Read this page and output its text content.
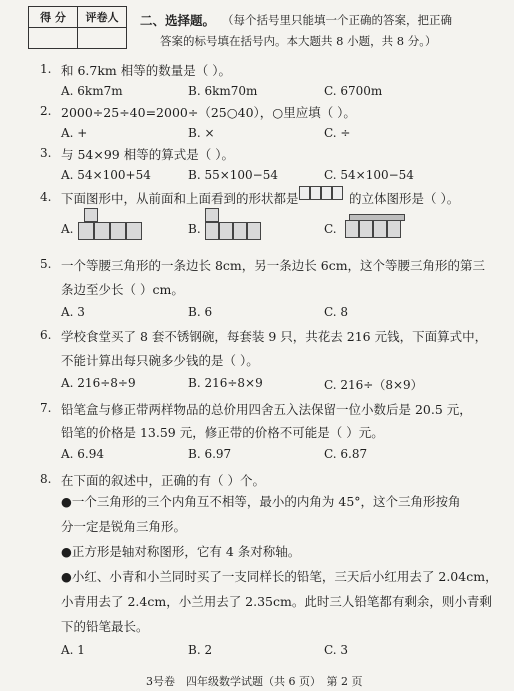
得 分	评卷人
	二、选择题。 （每个括号里只能填一个正确的答案，把正确
答案的标号填在括号内。本大题共 8 小题，共 8 分。）
1. 和 6.7km 相等的数量是（ ）。
A. 6km7m	B. 6km70m	C. 6700m
2. 2000÷25÷40=2000÷（25○40），○里应填（ ）。
A. +	B. ×	C. ÷
3. 与 54×99 相等的算式是（ ）。
A. 54×100+54	B. 55×100−54	C. 54×100−54
4. 下面图形中，从前面和上面看到的形状都是	的立体图形是（ ）。
A.	B.	C.
5. 一个等腰三角形的一条边长 8cm，另一条边长 6cm，这个等腰三角形的第三
条边至少长（ ）cm。
A. 3	B. 6	C. 8
6. 学校食堂买了 8 套不锈钢碗，每套装 9 只，共花去 216 元钱，下面算式中，
不能计算出每只碗多少钱的是（ ）。
A. 216÷8÷9	B. 216÷8×9	C. 216÷（8×9）
7. 铅笔盒与修正带两样物品的总价用四舍五入法保留一位小数后是 20.5 元，
铅笔的价格是 13.59 元，修正带的价格不可能是（ ）元。
A. 6.94	B. 6.97	C. 6.87
8. 在下面的叙述中，正确的有（ ）个。
●一个三角形的三个内角互不相等，最小的内角为 45°，这个三角形按角
分一定是锐角三角形。
●正方形是轴对称图形，它有 4 条对称轴。
●小红、小青和小兰同时买了一支同样长的铅笔，三天后小红用去了 2.04cm，
小青用去了 2.4cm，小兰用去了 2.35cm。此时三人铅笔都有剩余，则小青剩
下的铅笔最长。
A. 1	B. 2	C. 3
3号卷　四年级数学试题（共 6 页）　第 2 页
